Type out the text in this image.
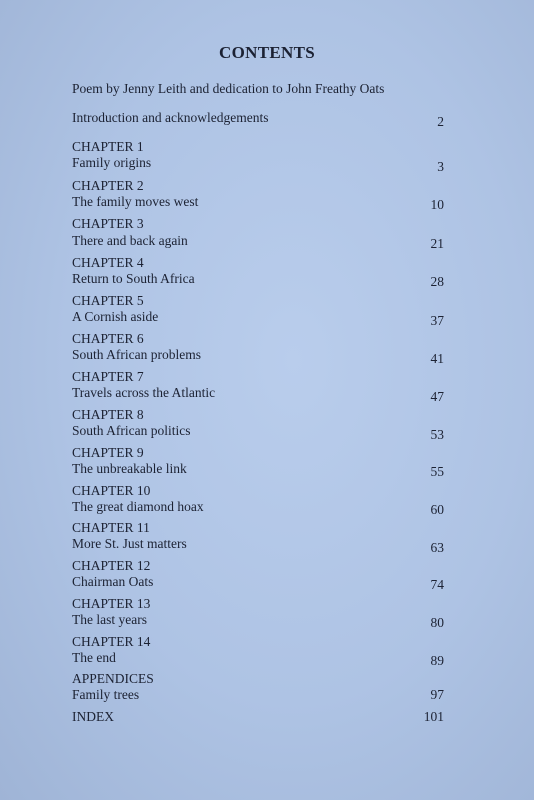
CONTENTS
Poem by Jenny Leith and dedication to John Freathy Oats
Introduction and acknowledgements	2
CHAPTER 1
Family origins	3
CHAPTER 2
The family moves west	10
CHAPTER 3
There and back again	21
CHAPTER 4
Return to South Africa	28
CHAPTER 5
A Cornish aside	37
CHAPTER 6
South African problems	41
CHAPTER 7
Travels across the Atlantic	47
CHAPTER 8
South African politics	53
CHAPTER 9
The unbreakable link	55
CHAPTER 10
The great diamond hoax	60
CHAPTER 11
More St. Just matters	63
CHAPTER 12
Chairman Oats	74
CHAPTER 13
The last years	80
CHAPTER 14
The end	89
APPENDICES
Family trees	97
INDEX	101
